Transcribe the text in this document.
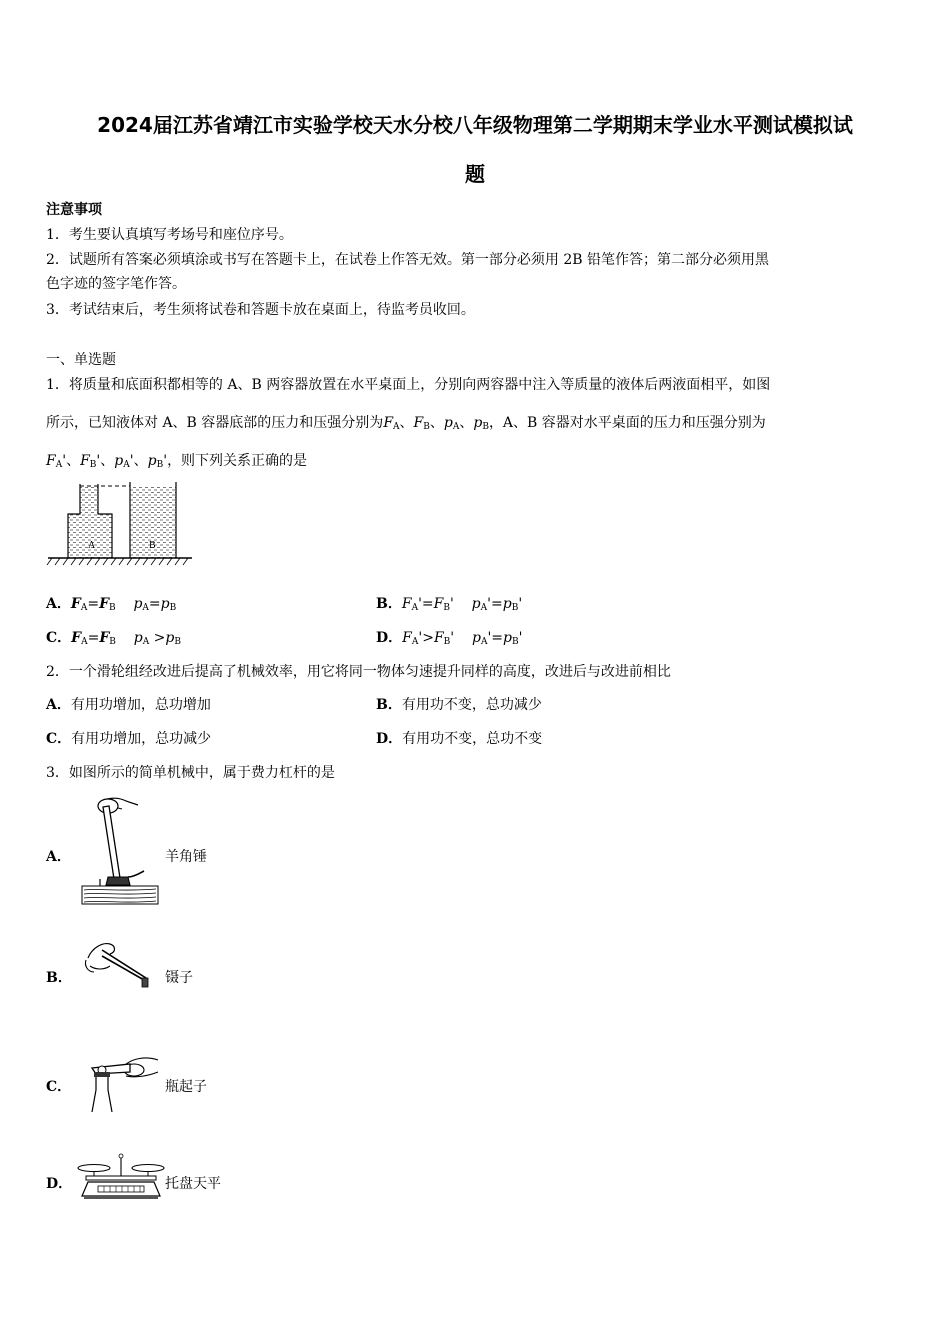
2024届江苏省靖江市实验学校天水分校八年级物理第二学期期末学业水平测试模拟试
题
注意事项
1．考生要认真填写考场号和座位序号。
2．试题所有答案必须填涂或书写在答题卡上，在试卷上作答无效。第一部分必须用 2B 铅笔作答；第二部分必须用黑
色字迹的签字笔作答。
3．考试结束后，考生须将试卷和答题卡放在桌面上，待监考员收回。
一、单选题
1．将质量和底面积都相等的 A、B 两容器放置在水平桌面上，分别向两容器中注入等质量的液体后两液面相平，如图
所示，已知液体对 A、B 容器底部的压力和压强分别为$F_A$、$F_B$、$p_A$、$p_B$，A、B 容器对水平桌面的压力和压强分别为
$F_A'$、$F_B'$、$p_A'$、$p_B'$，则下列关系正确的是
A	B
A．$F_A=F_B$ $p_A=p_B$	B．$F_A'=F_B'$ $p_A'=p_B'$
C．$F_A=F_B$ $p_A >p_B$	D．$F_A'>F_B'$ $p_A'=p_B'$
2．一个滑轮组经改进后提高了机械效率，用它将同一物体匀速提升同样的高度，改进后与改进前相比
A．有用功增加，总功增加	B．有用功不变，总功减少
C．有用功增加，总功减少	D．有用功不变，总功不变
3．如图所示的简单机械中，属于费力杠杆的是
A．	羊角锤
B．	镊子
C．	瓶起子
D．	托盘天平
